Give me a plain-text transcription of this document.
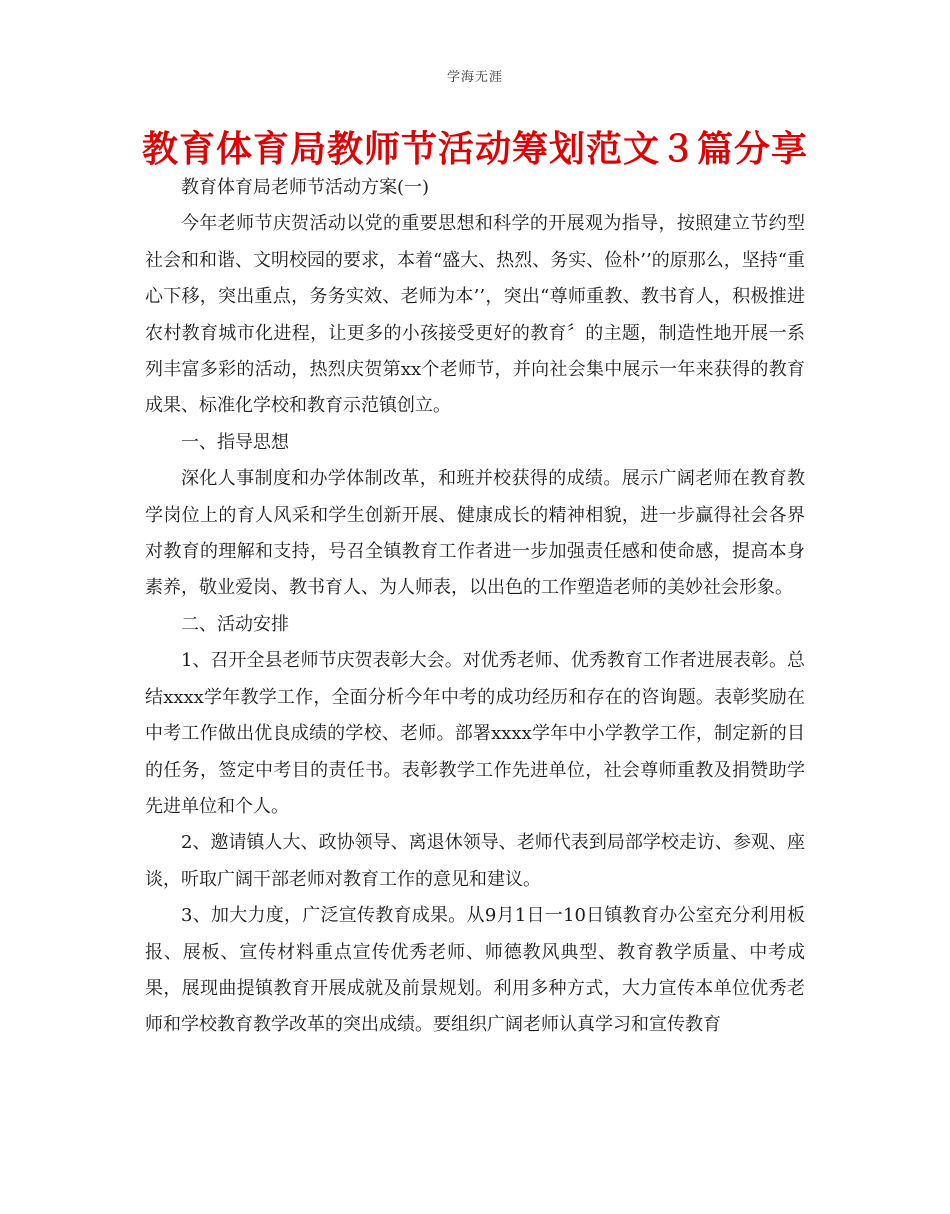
学海无涯
教育体育局教师节活动筹划范文３篇分享

教育体育局老师节活动方案(一)

今年老师节庆贺活动以党的重要思想和科学的开展观为指导，按照建立节约型社会和和谐、文明校园的要求，本着“盛大、热烈、务实、俭朴’’的原那么，坚持“重心下移，突出重点，务务实效、老师为本’’，突出“尊师重教、教书育人，积极推进农村教育城市化进程，让更多的小孩接受更好的教育〞的主题，制造性地开展一系列丰富多彩的活动，热烈庆贺第xx个老师节，并向社会集中展示一年来获得的教育成果、标准化学校和教育示范镇创立。

一、指导思想

深化人事制度和办学体制改革，和班并校获得的成绩。展示广阔老师在教育教学岗位上的育人风采和学生创新开展、健康成长的精神相貌，进一步赢得社会各界对教育的理解和支持，号召全镇教育工作者进一步加强责任感和使命感，提高本身素养，敬业爱岗、教书育人、为人师表，以出色的工作塑造老师的美妙社会形象。

二、活动安排

1、召开全县老师节庆贺表彰大会。对优秀老师、优秀教育工作者进展表彰。总结xxxx学年教学工作，全面分析今年中考的成功经历和存在的咨询题。表彰奖励在中考工作做出优良成绩的学校、老师。部署xxxx学年中小学教学工作，制定新的目的任务，签定中考目的责任书。表彰教学工作先进单位，社会尊师重教及捐赞助学先进单位和个人。

2、邀请镇人大、政协领导、离退休领导、老师代表到局部学校走访、参观、座谈，听取广阔干部老师对教育工作的意见和建议。

3、加大力度，广泛宣传教育成果。从9月1日一10日镇教育办公室充分利用板报、展板、宣传材料重点宣传优秀老师、师德教风典型、教育教学质量、中考成果，展现曲提镇教育开展成就及前景规划。利用多种方式，大力宣传本单位优秀老师和学校教育教学改革的突出成绩。要组织广阔老师认真学习和宣传教育
